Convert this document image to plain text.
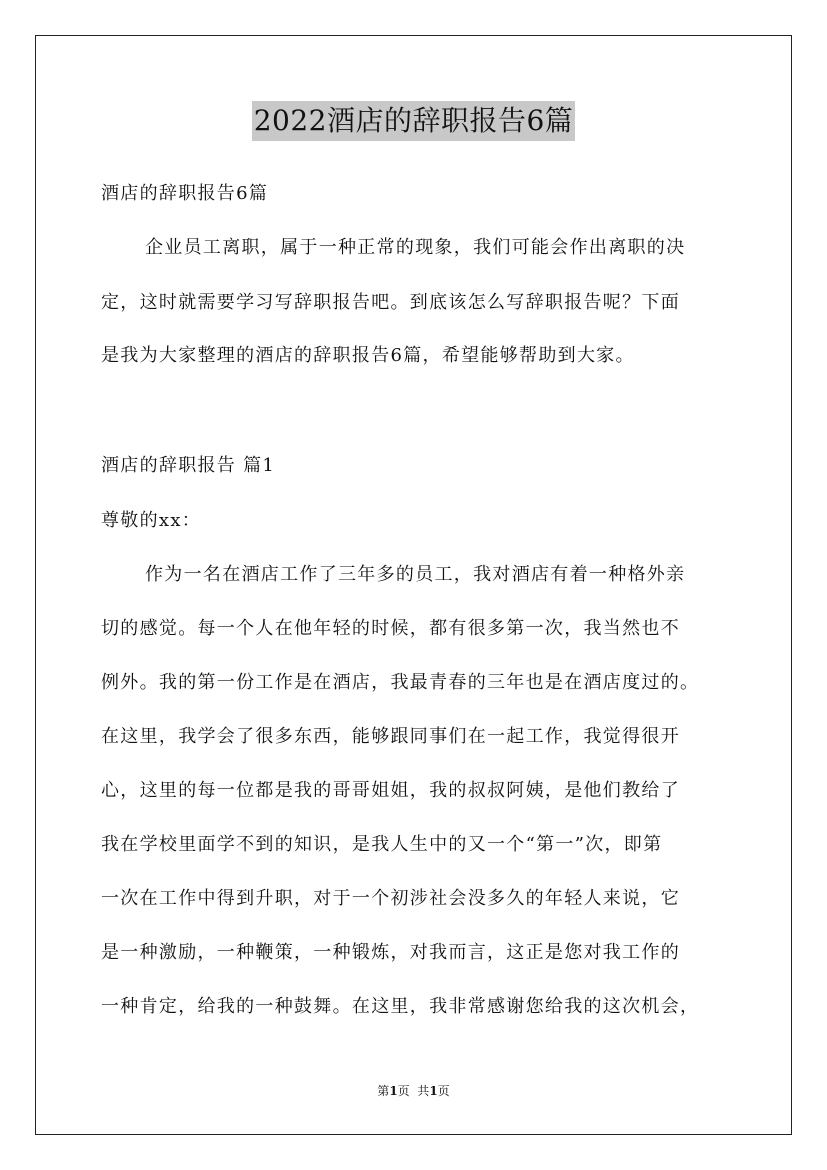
2022酒店的辞职报告6篇
酒店的辞职报告6篇
企业员工离职，属于一种正常的现象，我们可能会作出离职的决
定，这时就需要学习写辞职报告吧。到底该怎么写辞职报告呢？下面
是我为大家整理的酒店的辞职报告6篇，希望能够帮助到大家。
酒店的辞职报告 篇1
尊敬的xx：
作为一名在酒店工作了三年多的员工，我对酒店有着一种格外亲
切的感觉。每一个人在他年轻的时候，都有很多第一次，我当然也不
例外。我的第一份工作是在酒店，我最青春的三年也是在酒店度过的。
在这里，我学会了很多东西，能够跟同事们在一起工作，我觉得很开
心，这里的每一位都是我的哥哥姐姐，我的叔叔阿姨，是他们教给了
我在学校里面学不到的知识，是我人生中的又一个“第一”次，即第
一次在工作中得到升职，对于一个初涉社会没多久的年轻人来说，它
是一种激励，一种鞭策，一种锻炼，对我而言，这正是您对我工作的
一种肯定，给我的一种鼓舞。在这里，我非常感谢您给我的这次机会，
第1页  共1页
